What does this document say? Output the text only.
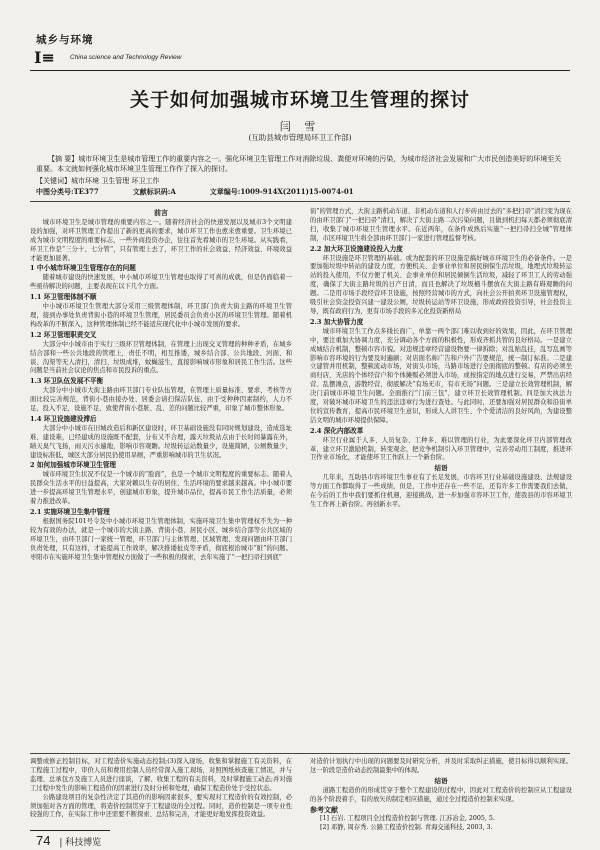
城乡与环境
I≡ China science and Technology Review
关于如何加强城市环境卫生管理的探讨
闫 雪
(互助县城市管理局环卫工作部)
【摘 要】城市环境卫生是城市管理工作的重要内容之一。强化环境卫生管理工作对消除垃圾、粪便对环境的污染，为城市经济社会发展和广大市民创造美好的环境至关重要。本文就如何强化城市环境卫生管理工作作了探入的探讨。
【关键词】城市环境 卫生管理 环卫工作
中图分类号:TE377	文献标识码:A	文章编号:1009-914X(2011)15-0074-01
前言

城市环境卫生是城市管理的重要内容之一。随着经济社会的快速发展以及城市3个文明建设的加强，对环卫管理工作提出了新的更高的要求，城市环卫工作也愈来愈重要。卫生环境已成为城市文明程度的重要标志，一些外商投资办企，往往首先看城市的卫生环境。从实践看，环卫工作是“三分十、七分管”，只有管理上去了，环卫工作的社会效益、经济效益、环境效益才能更加显著。

1 中小城市环境卫生管理存在的问题

随着城市建设的快速发展，中小城市环境卫生管理也取得了可喜的成就，但是仍面临着一些亟待解决的问题，主要表现在以下几个方面。

1.1 环卫管理体制不顺

中小城市环境卫生管理大部分采用三级管理体制，环卫部门负责大街主路的环境卫生管理，接到办事处负责背街小巷的环境卫生管理，居民委员会负责小区的环境卫生管理。随着机构改革的不断深入，这种管理体制已经不能适应现代化中小城市发展的要求。

1.2 环卫管理职责交叉

大部分中小城市由于实行三级环卫管理体制，在管理上出现交叉管理的种种矛盾，在城乡结合部和一些公共地段的管理上，责任不明，相互推诿，城乡结合部、公共地段、河面、和谈、沟渠等无人清扫，清扫、垃圾成堆，蚊蝇滋生，直接影响城市形象和居民工作生活。这些问题是当前社会议论的焦点和市民投诉的重点。

1.3 环卫队伍发展不平衡

大部分中小城市大街主路由环卫部门专业队伍管理，在管理上质量标准、要求、考核等方面比较完善规范，背街小巷由接办处、居委会请扫保洁队伍，由于受种种因素制约，人力不足，投入不足，设施不足，致使背街小巷脏、乱、差的问题比较严重，印象了城市整体形象。

1.4 环卫设施建设滞后

大部分中小城市在旧城改造后和新区建设时，环卫基础设施没有同时规划建设，造成选址难、建设难，已经建成的设施既不配套，分布又不合理，露天垃圾站点由于长时间暴露在外，睛天臭气飞扬，雨天污水遍地，影响市容观瞻。垃圾转运站数量少，设施简陋，公厕数量少，建设标准低，城区大部分居民仍使用旱厕，严重影响城市的卫生状况。

2 如何加强城市环境卫生管理

城市环境卫生状况不仅是一个城市的“脸面”，也是一个城市文明程度的重要标志。随着人民群众生活水平的日益提高，大家对赖以生存的居住、生活环境的要求越来越高。中小城市要进一步提高环境卫生管理水平，创建城市形象，提升城市品位，提高市民工作生活质量，必须着力推进改革。

2.1 实施环境卫生集中管理

根据国务院101号令及中小城市环境卫生管理体制，实施环境卫生集中管理权不失为一种较为有效的办法，就是一个城市的大街主路、背街小巷、居民小区、城乡结合部等公共区域的环境卫生，由环卫部门一家统一管理，环卫部门与主体管理、区域管理、发现问题由环卫部门负责处理，只有这样，才能提高工作效率，解决推诿扯皮等矛盾，彻底根治城市“脏”的问题。枣阳市在实施环境卫生集中管理权方面做了一些积极的探索，去年实施了“一把扫帚扫到底”

街”的管理方式，大街主路机动车道、非机动车道和人行步砖由过去的“多把扫帚”清扫变为现在的由环卫部门“一把扫帚”清扫，解决了大街主路二次污染问题，且做到机扫每天都必须彻底清扫，收集了城市环境卫生管理水平。在近两年，在条件成熟后实施“一把扫帚扫全城”管理体制，市区环境卫生将全部由环卫部门一家进行管理监督考核。

2.2 加大环卫设施建设投入力度

环卫设施是环卫管理的基础。或为配套的环卫设施是搞好城市环境卫生的必备条件。一是要加强垃圾中转站的建设力度，方便机关、企事业单位和居民倒保生活垃圾，地埋式垃圾转运站的投入使用，不仅方便了机关、企事业单位和居民倾倒生活垃圾，减轻了环卫工人的劳动强度，确保了大街主路垃圾的日产日清，而且也解决了垃圾桶斗摆放在大街主路有碍观瞻的问题。二是用市场手段经营环卫设施，按照经营城市的方式，向社会公开拍卖环卫设施管理权，吸引社会资金投资兴建一建设公厕，垃圾转运站等环卫设施，形成政府投资引导，社会投资主导，既有政府行为，更有市场手段的多元化投资新格局

2.3 加大协管力度

城市环境卫生工作点多线长面广，单靠一两个部门难以收到好的效果，因此，在环卫管理中，要注重加大协调力度，充分调动各个方面的积极性，形成齐抓共管的良好格局。一是建立成城结合机制，整顿市容市貌。对违规违章经营建设物要一律拆除；对乱贴乱挂，乱写乱画等影响市容环境的行为要及时遍刷；对店面名称广告和户外广告要规范，统一制订标准。二是建立建管并用机制，整顿流动市场，对街头市场，马路市场进行全面彻底的整顿。有店的必须坐商归店，无店的个体经营户和个体摊贩必须进入市场，或按指定的地点进行交易，严禁出店经营、乱摆滩点，游散经营，彻底解决“有场无市，有市无场”问题。三是建立长效管理机制，解决门前城市环境卫生问题。全面推行“门前三包”，建立环卫长效管理机制。四是加大执法力度，对破坏城市环境卫生的违法违章行为进行查处。与此同时，还要加强对居民群众和沿街单位的宣传教育，提高市民环境卫生意识，形成人人讲卫生、个个爱清洁的良好风尚，为建设整洁文明的城市环境提供保障。

2.4 深化内部改革

环卫行业属于人多、人员复杂、工种多、难以管理的行业，为此要深化环卫内部管理改革，建立环卫激励机制，转变观念，把竞争机制引入环卫管理中，完善劳动用工制度，推进环卫作业市场化，才能使环卫工作跃上一个新台阶。

结语

几年来，互助县市容环境卫生事业有了长足发展，市容环卫行业基础设施建设、法规建设等方面工作都取得了一些成绩，但是，工作中还存在一些不足，还有许多工作需要我们去做，在今后的工作中我们要抓住机遇，迎接挑战，进一步加强市容环卫工作，使我县的市容环境卫生工作再上新台阶。再创新水平。

调整或修正控制目标，对工程造价实施动态控制;(3)深入现场，收集和掌握施工有关资料，在工程施工过程中，审价人员和费用控制人员经常深入施工现场，对照图纸核查施工情况，并与监理、总承包方及施工人员进行座谈，了解、收集工程的有关资料，及时掌握施工动态;并对施工过程中发生的影响工程造价的因素进行及时分析和处理，确保工程造价处于受控状态。

公路建设项目的复杂性决定了其造价的影响因素很多，要实现对工程造价的有效控制，必须加强对各方面的管理，将造价控制贯穿于工程建设的全过程。同时，造价控制是一项专业性较强的工作，在实际工作中还需要不断探索、总结和完善，才能更好地发挥投资效益。

对造价计划执行中出现的问题要及时研究分析，并及时采取纠正措施，使目标得以顺利实现。这一阶段是造价动态控制最集中的体现。

结语

道路工程造价的形成贯穿于整个工程建设的过程中，因此对工程造价的控制应从工程建设的各个阶段着手，有的放矢的制定相应措施，通过全过程造价控制来实现。

参考文献

[1] 石岩. 工程项目全过程造价控制与管理. 江苏冶金, 2005, 5.

[2] 邓静, 周存秀. 公路工程造价控制. 青海交通科技, 2003, 3.

74 | 科技博览
